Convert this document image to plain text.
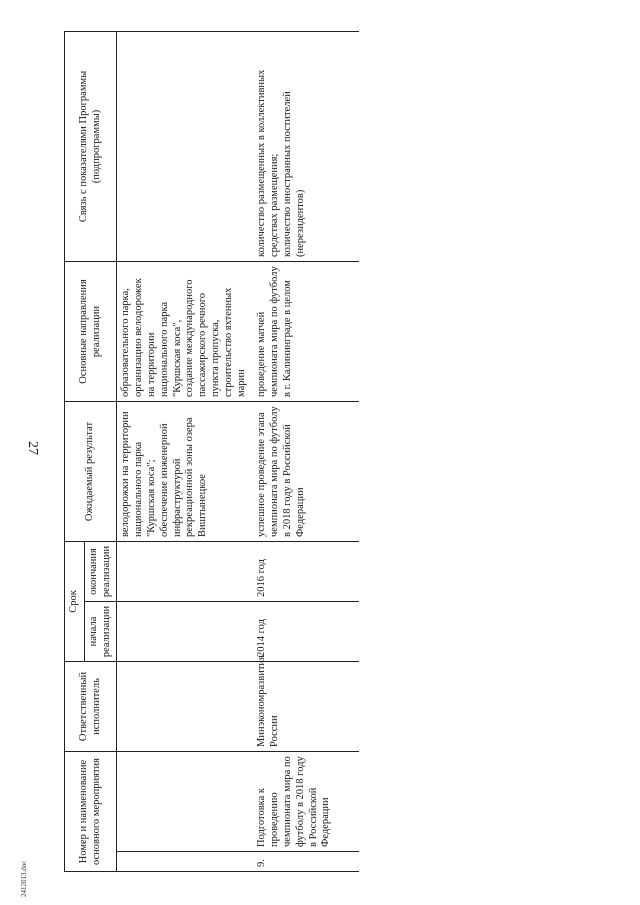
27
Номер и наименование основного мероприятия		Ответственный исполнитель	Срок		Ожидаемый результат	Основные направления реализации	Связь с показателями Программы (подпрограммы)
			начала реализации	окончания реализации			
					велодорожки на территории национального парка "Куршская коса";
обеспечение инженерной инфраструктурой рекреационной зоны озера Виштынецкое	образовательного парка, организацию велодорожек на территории национального парка "Куршская коса",
создание международного пассажирского речного пункта пропуска, строительство яхтенных марин	
9.	Подготовка к проведению чемпионата мира по футболу в 2018 году в Российской Федерации	Минэкономразвития России	2014 год	2016 год	успешное проведение этапа чемпионата мира по футболу в 2018 году в Российской Федерации	проведение матчей чемпионата мира по футболу в г. Калининграде в целом	количество размещенных в коллективных средствах размещения;
количество иностранных постителей (нерезидентов)
2412013.doc
